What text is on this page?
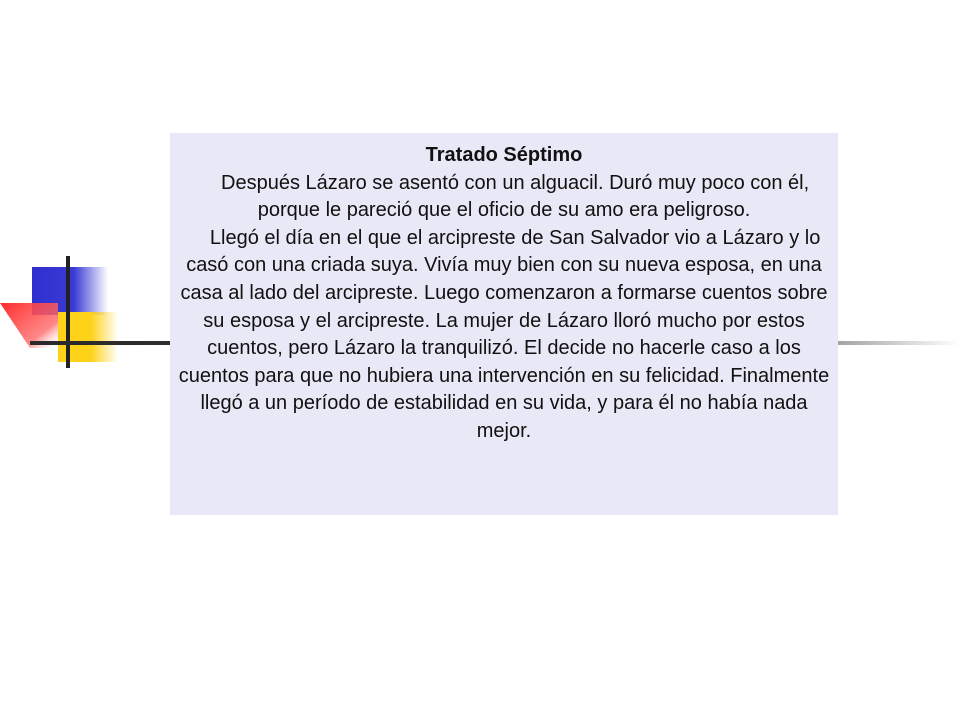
Tratado Séptimo

Después Lázaro se asentó con un alguacil. Duró muy poco con él, porque le pareció que el oficio de su amo era peligroso.

Llegó el día en el que el arcipreste de San Salvador vio a Lázaro y lo casó con una criada suya. Vivía muy bien con su nueva esposa, en una casa al lado del arcipreste. Luego comenzaron a formarse cuentos sobre su esposa y el arcipreste. La mujer de Lázaro lloró mucho por estos cuentos, pero Lázaro la tranquilizó. El decide no hacerle caso a los cuentos para que no hubiera una intervención en su felicidad. Finalmente llegó a un período de estabilidad en su vida, y para él no había nada mejor.
